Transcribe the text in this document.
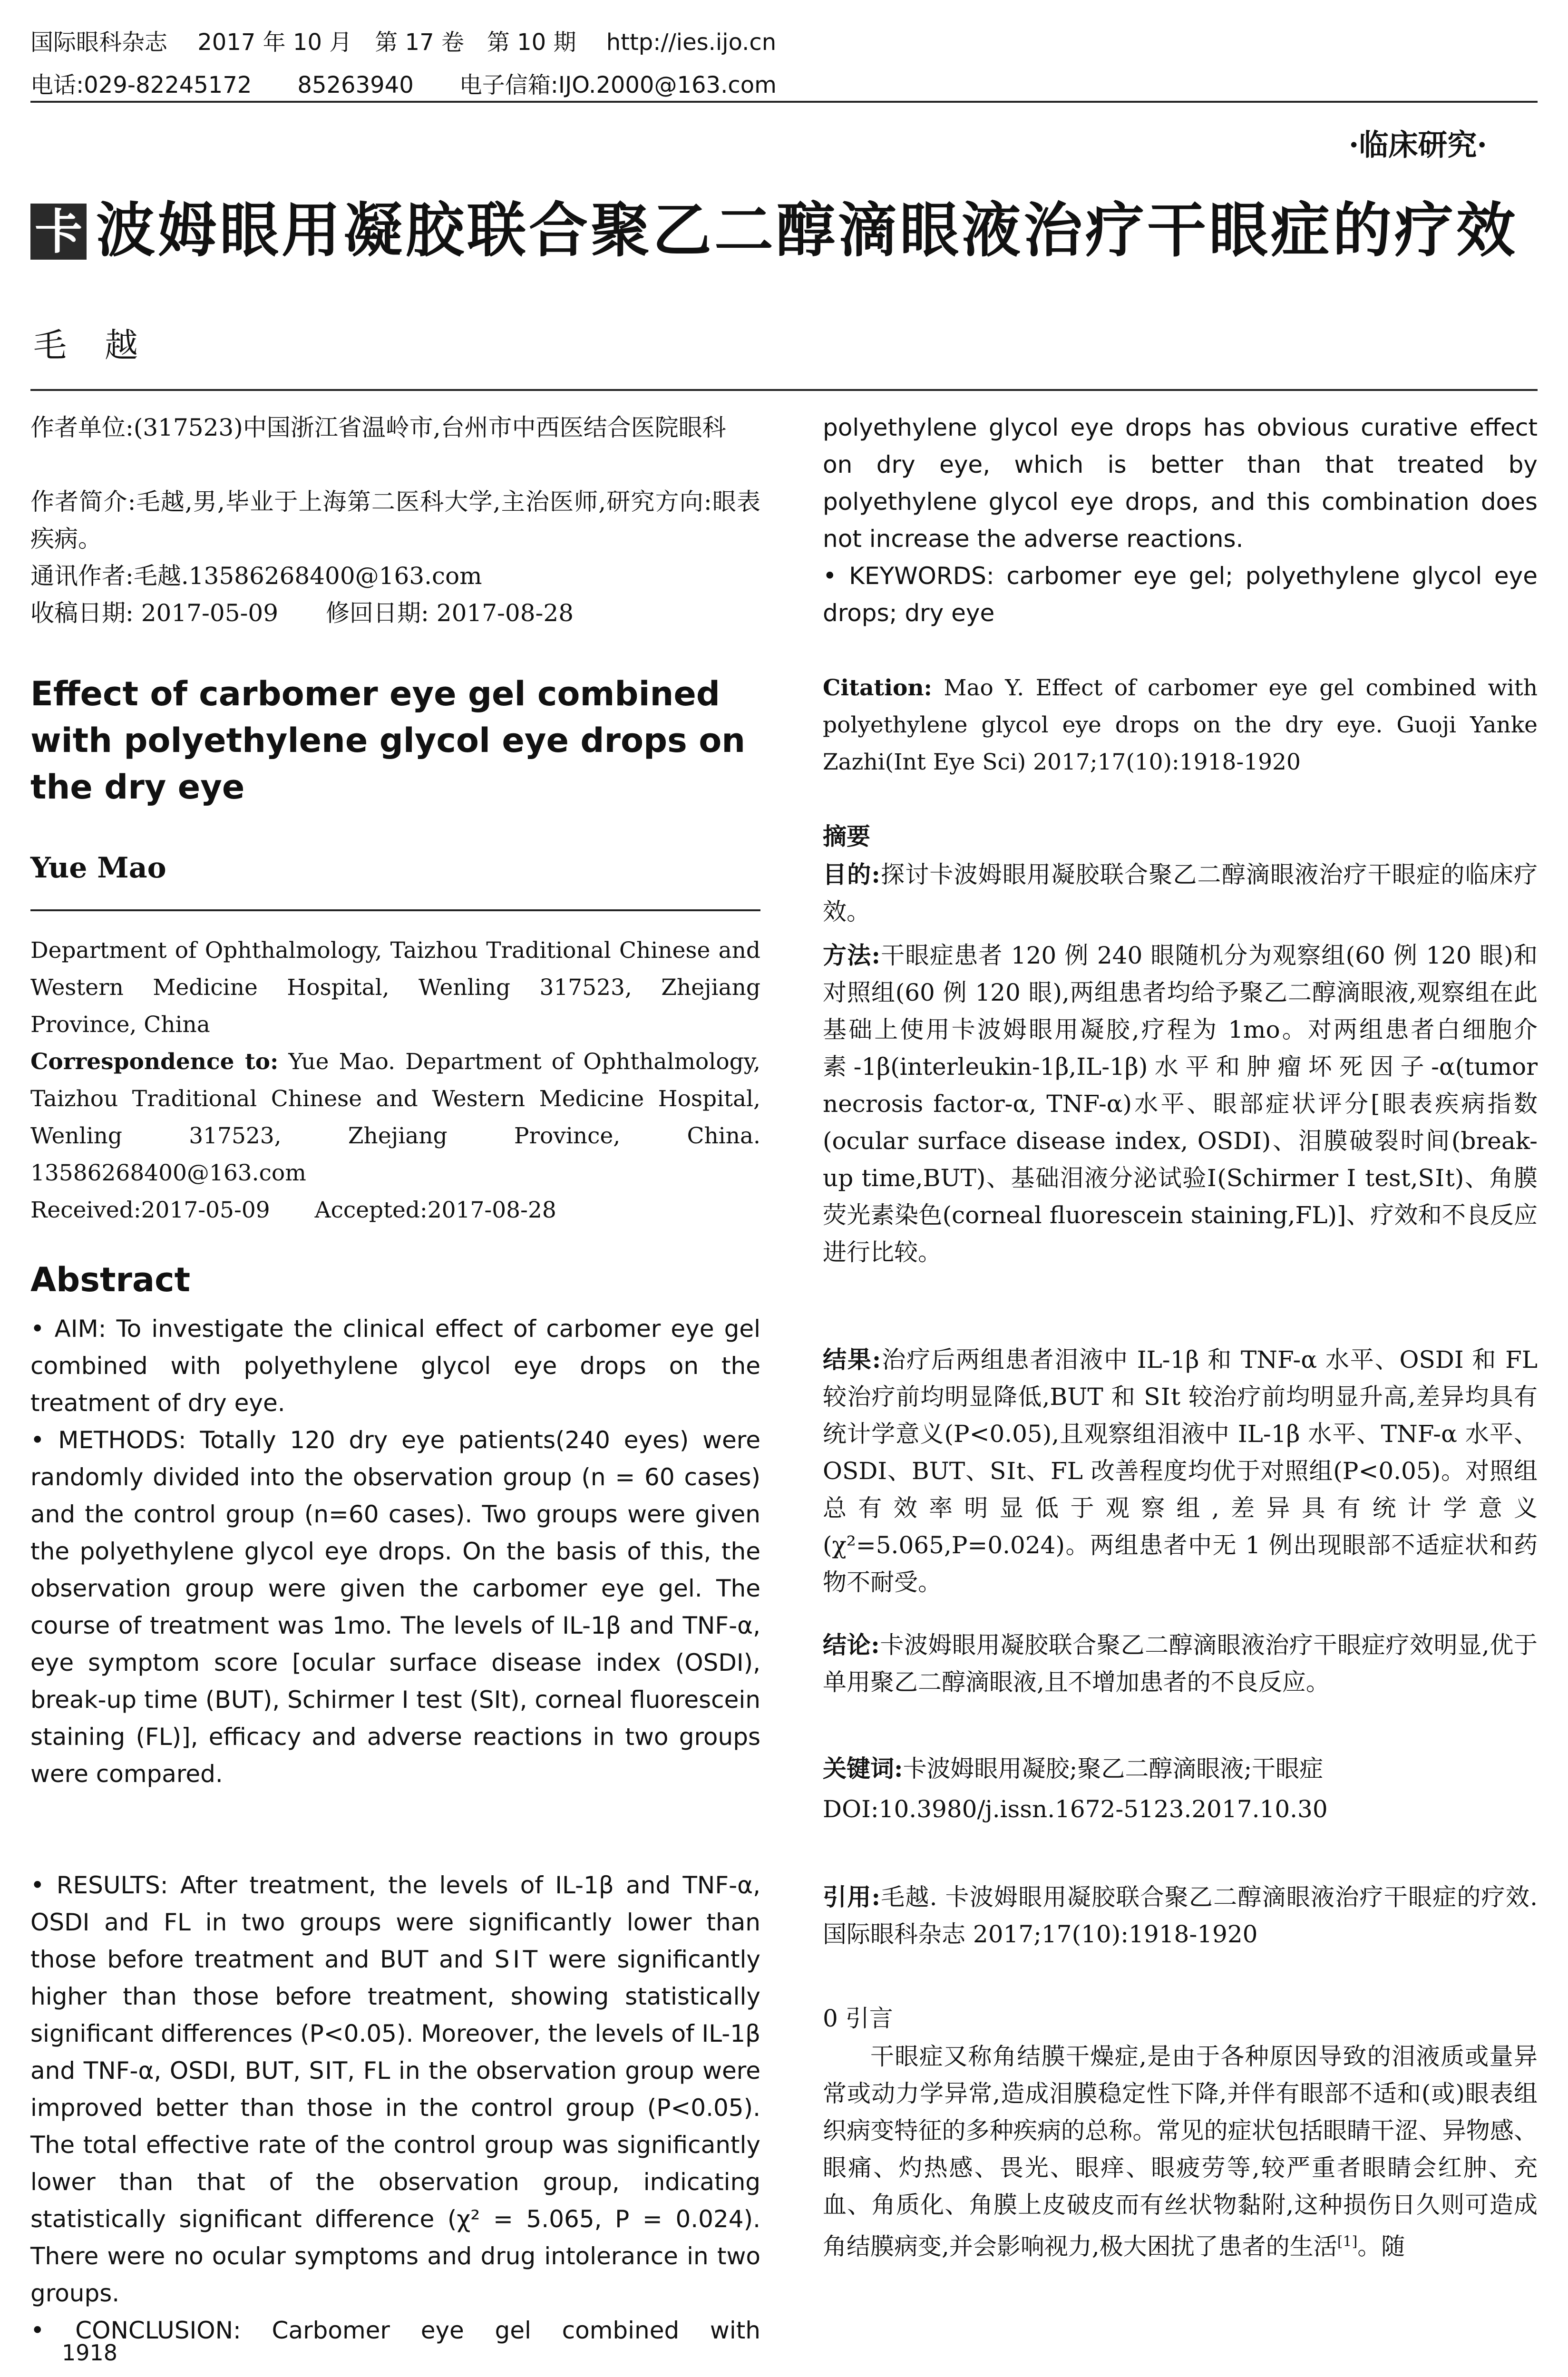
国际眼科杂志　 2017 年 10 月　第 17 卷　第 10 期　 http://ies.ijo.cn
电话:029-82245172　　85263940　　电子信箱:IJO.2000@163.com
·临床研究·
卡 波姆眼用凝胶联合聚乙二醇滴眼液治疗干眼症的疗效
毛越

作者单位:(317523)中国浙江省温岭市,台州市中西医结合医院眼科

作者简介:毛越,男,毕业于上海第二医科大学,主治医师,研究方向:眼表疾病。

通讯作者:毛越.13586268400@163.com

收稿日期: 2017-05-09　　修回日期: 2017-08-28

Effect of carbomer eye gel combined with polyethylene glycol eye drops on the dry eye

Yue Mao

Department of Ophthalmology, Taizhou Traditional Chinese and Western Medicine Hospital, Wenling 317523, Zhejiang Province, China

Correspondence to: Yue Mao. Department of Ophthalmology, Taizhou Traditional Chinese and Western Medicine Hospital, Wenling 317523, Zhejiang Province, China. 13586268400@163.com

Received:2017-05-09　　Accepted:2017-08-28

Abstract

• AIM: To investigate the clinical effect of carbomer eye gel combined with polyethylene glycol eye drops on the treatment of dry eye.

• METHODS: Totally 120 dry eye patients(240 eyes) were randomly divided into the observation group (n = 60 cases) and the control group (n=60 cases). Two groups were given the polyethylene glycol eye drops. On the basis of this, the observation group were given the carbomer eye gel. The course of treatment was 1mo. The levels of IL-1β and TNF-α, eye symptom score [ocular surface disease index (OSDI), break-up time (BUT), Schirmer Ⅰ test (SⅠt), corneal fluorescein staining (FL)], efficacy and adverse reactions in two groups were compared.

• RESULTS: After treatment, the levels of IL-1β and TNF-α, OSDI and FL in two groups were significantly lower than those before treatment and BUT and SⅠT were significantly higher than those before treatment, showing statistically significant differences (P<0.05). Moreover, the levels of IL-1β and TNF-α, OSDI, BUT, SⅠT, FL in the observation group were improved better than those in the control group (P<0.05). The total effective rate of the control group was significantly lower than that of the observation group, indicating statistically significant difference (χ² = 5.065, P = 0.024). There were no ocular symptoms and drug intolerance in two groups.

• CONCLUSION: Carbomer eye gel combined with

1918

polyethylene glycol eye drops has obvious curative effect on dry eye, which is better than that treated by polyethylene glycol eye drops, and this combination does not increase the adverse reactions.

• KEYWORDS: carbomer eye gel; polyethylene glycol eye drops; dry eye

Citation: Mao Y. Effect of carbomer eye gel combined with polyethylene glycol eye drops on the dry eye. Guoji Yanke Zazhi(Int Eye Sci) 2017;17(10):1918-1920

摘要

目的:探讨卡波姆眼用凝胶联合聚乙二醇滴眼液治疗干眼症的临床疗效。

方法:干眼症患者 120 例 240 眼随机分为观察组(60 例 120 眼)和对照组(60 例 120 眼),两组患者均给予聚乙二醇滴眼液,观察组在此基础上使用卡波姆眼用凝胶,疗程为 1mo。对两组患者白细胞介素-1β(interleukin-1β,IL-1β)水平和肿瘤坏死因子-α(tumor necrosis factor-α, TNF-α)水平、眼部症状评分[眼表疾病指数(ocular surface disease index, OSDI)、泪膜破裂时间(break-up time,BUT)、基础泪液分泌试验Ⅰ(Schirmer Ⅰ test,SⅠt)、角膜荧光素染色(corneal fluorescein staining,FL)]、疗效和不良反应进行比较。

结果:治疗后两组患者泪液中 IL-1β 和 TNF-α 水平、OSDI 和 FL 较治疗前均明显降低,BUT 和 SⅠt 较治疗前均明显升高,差异均具有统计学意义(P<0.05),且观察组泪液中 IL-1β 水平、TNF-α 水平、OSDI、BUT、SⅠt、FL 改善程度均优于对照组(P<0.05)。对照组总有效率明显低于观察组,差异具有统计学意义(χ²=5.065,P=0.024)。两组患者中无 1 例出现眼部不适症状和药物不耐受。

结论:卡波姆眼用凝胶联合聚乙二醇滴眼液治疗干眼症疗效明显,优于单用聚乙二醇滴眼液,且不增加患者的不良反应。

关键词:卡波姆眼用凝胶;聚乙二醇滴眼液;干眼症

DOI:10.3980/j.issn.1672-5123.2017.10.30

引用:毛越. 卡波姆眼用凝胶联合聚乙二醇滴眼液治疗干眼症的疗效. 国际眼科杂志 2017;17(10):1918-1920

0 引言

干眼症又称角结膜干燥症,是由于各种原因导致的泪液质或量异常或动力学异常,造成泪膜稳定性下降,并伴有眼部不适和(或)眼表组织病变特征的多种疾病的总称。常见的症状包括眼睛干涩、异物感、眼痛、灼热感、畏光、眼痒、眼疲劳等,较严重者眼睛会红肿、充血、角质化、角膜上皮破皮而有丝状物黏附,这种损伤日久则可造成角结膜病变,并会影响视力,极大困扰了患者的生活[1]。随
